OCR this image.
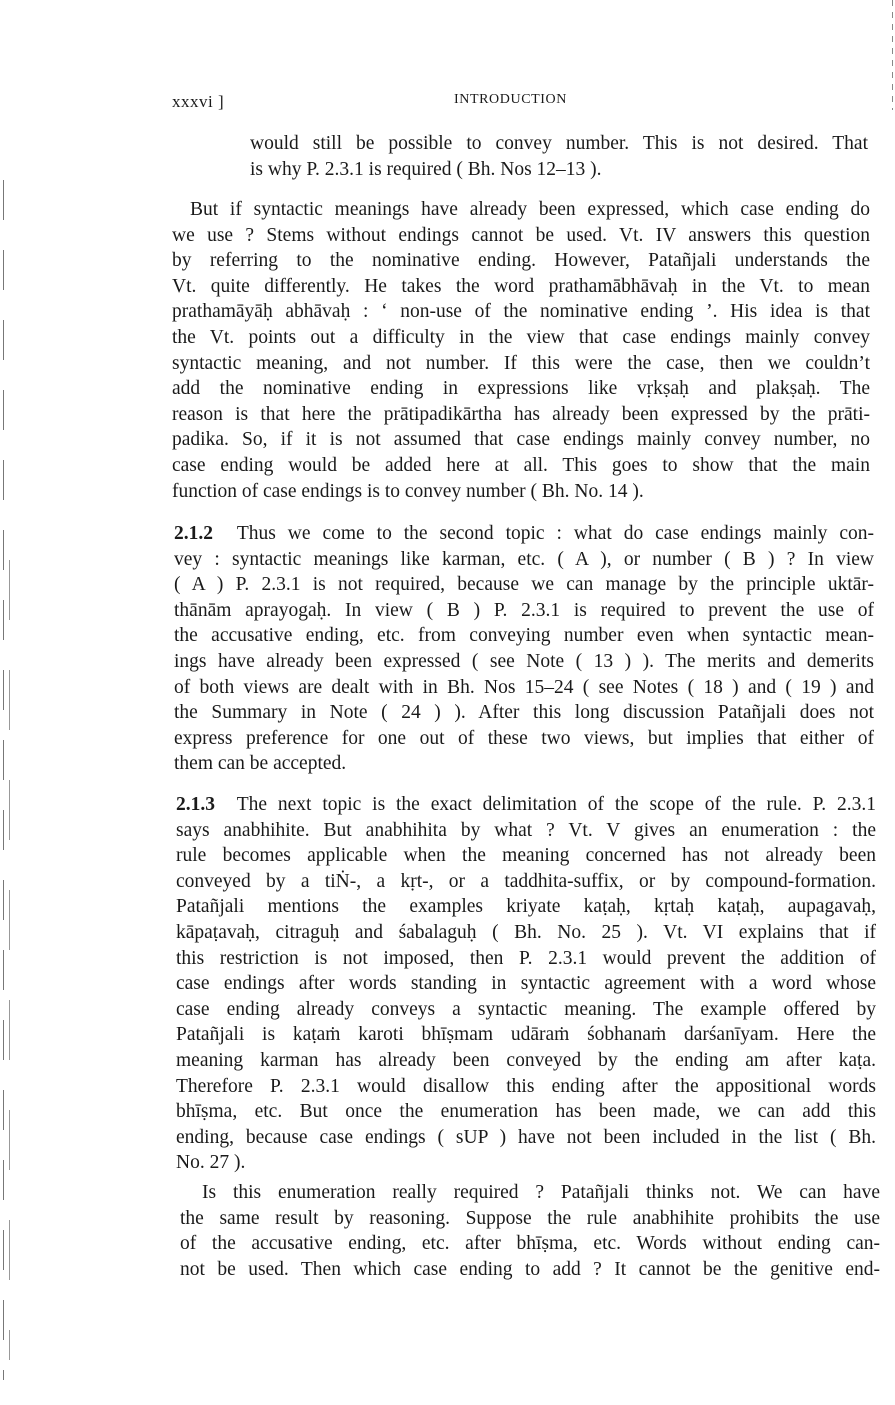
xxxvi ]	INTRODUCTION
would still be possible to convey number. This is not desired. That
is why P. 2.3.1 is required ( Bh. Nos 12–13 ).
But if syntactic meanings have already been expressed, which case ending do
we use ? Stems without endings cannot be used. Vt. IV answers this question
by referring to the nominative ending. However, Patañjali understands the
Vt. quite differently. He takes the word prathamābhāvaḥ in the Vt. to mean
prathamāyāḥ abhāvaḥ : ‘ non-use of the nominative ending ’. His idea is that
the Vt. points out a difficulty in the view that case endings mainly convey
syntactic meaning, and not number. If this were the case, then we couldn’t
add the nominative ending in expressions like vṛkṣaḥ and plakṣaḥ. The
reason is that here the prātipadikārtha has already been expressed by the prāti-
padika. So, if it is not assumed that case endings mainly convey number, no
case ending would be added here at all. This goes to show that the main
function of case endings is to convey number ( Bh. No. 14 ).
2.1.2 Thus we come to the second topic : what do case endings mainly con-
vey : syntactic meanings like karman, etc. ( A ), or number ( B ) ? In view
( A ) P. 2.3.1 is not required, because we can manage by the principle uktār-
thānām aprayogaḥ. In view ( B ) P. 2.3.1 is required to prevent the use of
the accusative ending, etc. from conveying number even when syntactic mean-
ings have already been expressed ( see Note ( 13 ) ). The merits and demerits
of both views are dealt with in Bh. Nos 15–24 ( see Notes ( 18 ) and ( 19 ) and
the Summary in Note ( 24 ) ). After this long discussion Patañjali does not
express preference for one out of these two views, but implies that either of
them can be accepted.
2.1.3 The next topic is the exact delimitation of the scope of the rule. P. 2.3.1
says anabhihite. But anabhihita by what ? Vt. V gives an enumeration : the
rule becomes applicable when the meaning concerned has not already been
conveyed by a tiṄ-, a kṛt-, or a taddhita-suffix, or by compound-formation.
Patañjali mentions the examples kriyate kaṭaḥ, kṛtaḥ kaṭaḥ, aupagavaḥ,
kāpaṭavaḥ, citraguḥ and śabalaguḥ ( Bh. No. 25 ). Vt. VI explains that if
this restriction is not imposed, then P. 2.3.1 would prevent the addition of
case endings after words standing in syntactic agreement with a word whose
case ending already conveys a syntactic meaning. The example offered by
Patañjali is kaṭaṁ karoti bhīṣmam udāraṁ śobhanaṁ darśanīyam. Here the
meaning karman has already been conveyed by the ending am after kaṭa.
Therefore P. 2.3.1 would disallow this ending after the appositional words
bhīṣma, etc. But once the enumeration has been made, we can add this
ending, because case endings ( sUP ) have not been included in the list ( Bh.
No. 27 ).
Is this enumeration really required ? Patañjali thinks not. We can have
the same result by reasoning. Suppose the rule anabhihite prohibits the use
of the accusative ending, etc. after bhīṣma, etc. Words without ending can-
not be used. Then which case ending to add ? It cannot be the genitive end-
